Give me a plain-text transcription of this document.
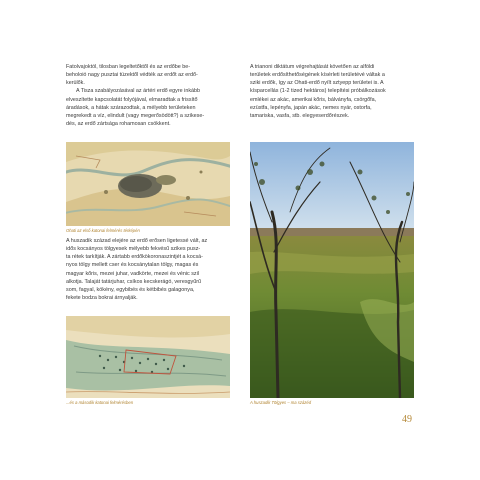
Fatolvajoktól, tilosban legeltetőktől és az erdőbe be-
beholoió nagy pusztai tüzektől védték az erdőt az erdő-
kerülők.
A Tisza szabályozásával az ártéri erdő egyre inkább
elveszítette kapcsolatát folyójával, elmaradtak a frissítő
áradások, a hátak szárazodtak, a mélyebb területeken
megrekedt a víz, elindult (vagy megerősödött?) a szikese-
dés, az erdő zártsága rohamosan csökkent.
Ohati az első katonai felmérés térképén
A huszadik század elejére az erdő erősen ligetessé vált, az
idős kocsányos tölgyesek mélyebb fekvésű szikes pusz-
ta rétek tarkítják. A zártabb erdőkökoronaszintjét a kocsá-
nyos tölgy mellett cser és kocsánytalan tölgy, magas és
magyar kőris, mezei juhar, vadkörte, mezei és vénic szil
alkotja. Talaját tatárjuhar, csíkos kecskerágó, veresgyűrű
som, fagyal, kökény, egybibés és kétbibés galagonya,
fekete bodza bokrai árnyalják.
...és a második katonai felmérésben
A trianoni diktátum végrehajtását követően az alföldi
területek erdősíthetőségének kísérleti területévé váltak a
sziki erdők, így az Ohati-erdő nyílt sztyepp területei is. A
kísparcellás (1-2 tized hektáros) telepítési próbálkozások
emlékei az akác, amerikai kőris, bálványfa, csörgőfa,
ezüstfa, lepényfa, japán akác, nemes nyár, ostorfa,
tamariska, vasfa, stb. elegyeserdőrészek.
A huszadik Tölgyes – ma százéd
49
